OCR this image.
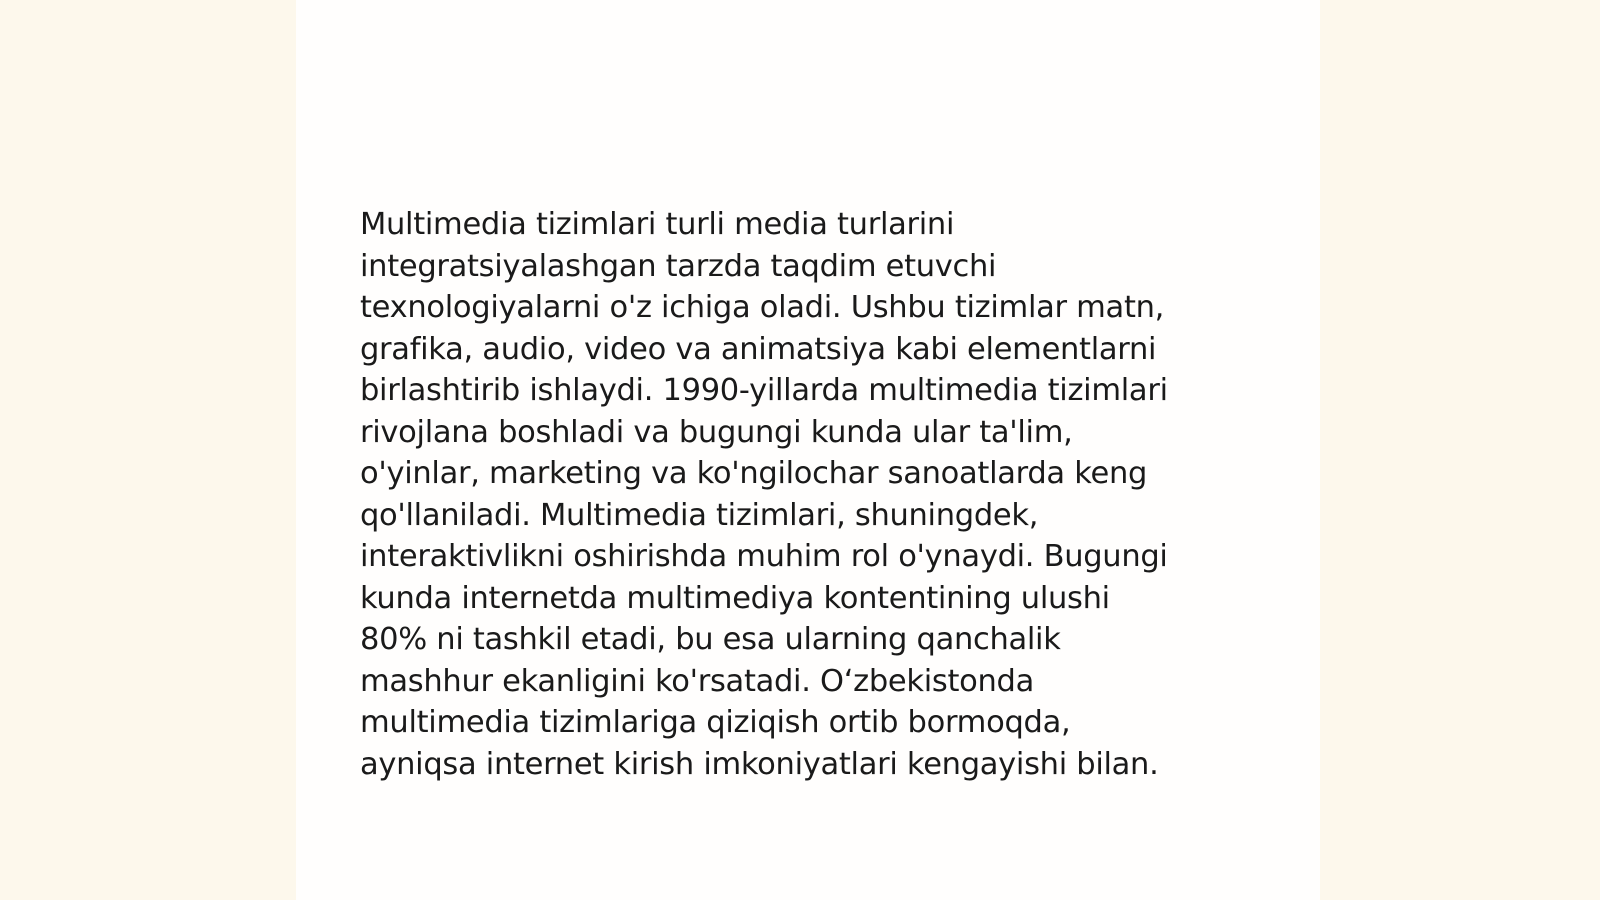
Multimedia tizimlari turli media turlarini
integratsiyalashgan tarzda taqdim etuvchi
texnologiyalarni o'z ichiga oladi. Ushbu tizimlar matn,
grafika, audio, video va animatsiya kabi elementlarni
birlashtirib ishlaydi. 1990-yillarda multimedia tizimlari
rivojlana boshladi va bugungi kunda ular ta'lim,
o'yinlar, marketing va ko'ngilochar sanoatlarda keng
qo'llaniladi. Multimedia tizimlari, shuningdek,
interaktivlikni oshirishda muhim rol o'ynaydi. Bugungi
kunda internetda multimediya kontentining ulushi
80% ni tashkil etadi, bu esa ularning qanchalik
mashhur ekanligini ko'rsatadi. O‘zbekistonda
multimedia tizimlariga qiziqish ortib bormoqda,
ayniqsa internet kirish imkoniyatlari kengayishi bilan.
